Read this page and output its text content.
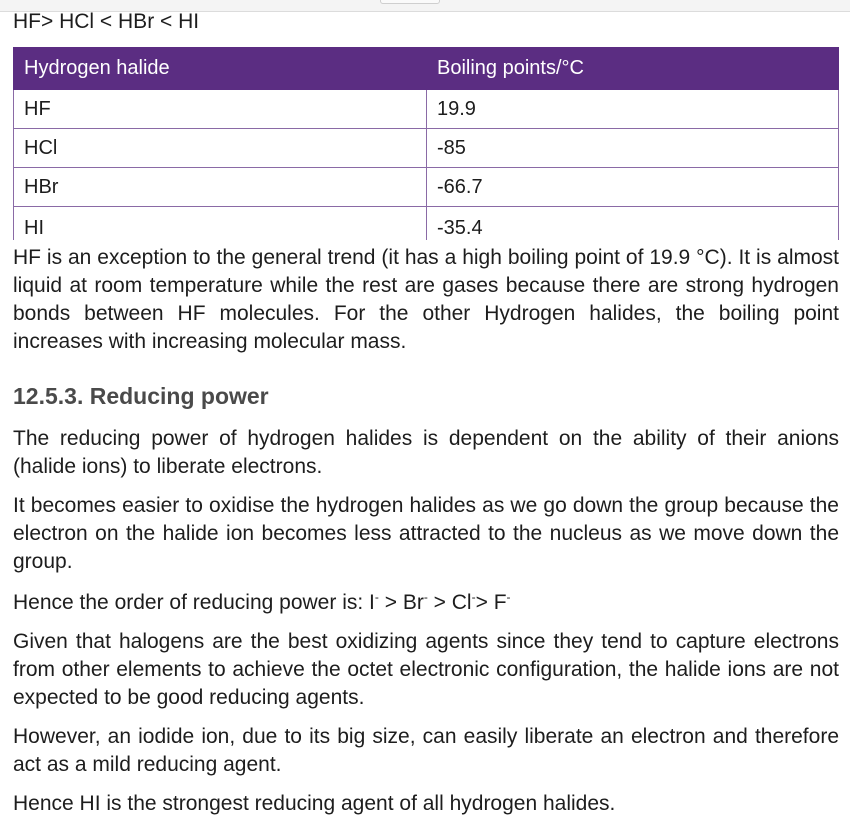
HF> HCl < HBr < HI
Hydrogen halide	Boiling points/°C
HF	19.9
HCl	-85
HBr	-66.7
HI	-35.4

HF is an exception to the general trend (it has a high boiling point of 19.9 °C). It is almost liquid at room temperature while the rest are gases because there are strong hydrogen bonds between HF molecules. For the other Hydrogen halides, the boiling point increases with increasing molecular mass.

12.5.3. Reducing power

The reducing power of hydrogen halides is dependent on the ability of their anions (halide ions) to liberate electrons.

It becomes easier to oxidise the hydrogen halides as we go down the group because the electron on the halide ion becomes less attracted to the nucleus as we move down the group.

Hence the order of reducing power is: I- > Br- > Cl-> F-

Given that halogens are the best oxidizing agents since they tend to capture electrons from other elements to achieve the octet electronic configuration, the halide ions are not expected to be good reducing agents.

However, an iodide ion, due to its big size, can easily liberate an electron and therefore act as a mild reducing agent.

Hence HI is the strongest reducing agent of all hydrogen halides.
